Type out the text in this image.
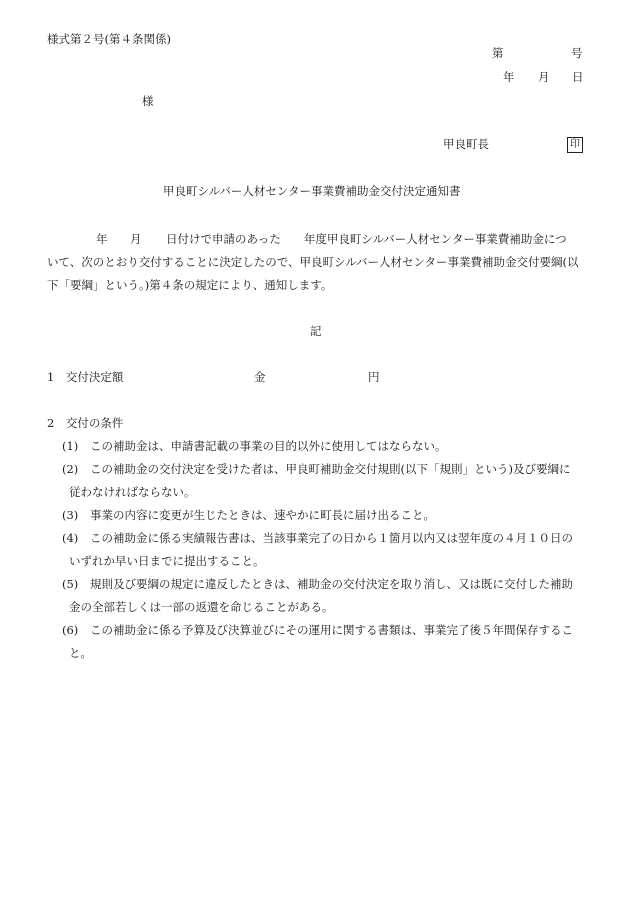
様式第２号(第４条関係)
第	号
年 月 日
様
甲良町長	印
甲良町シルバー人材センター事業費補助金交付決定通知書
年 月 日付けで申請のあった　　年度甲良町シルバー人材センター事業費補助金につ
いて、次のとおり交付することに決定したので、甲良町シルバー人材センター事業費補助金交付要綱(以
下「要綱」という。)第４条の規定により、通知します。
記
1　交付決定額	金	円
2　交付の条件
(1) この補助金は、申請書記載の事業の目的以外に使用してはならない。
(2) この補助金の交付決定を受けた者は、甲良町補助金交付規則(以下「規則」という)及び要綱に
従わなければならない。
(3) 事業の内容に変更が生じたときは、速やかに町長に届け出ること。
(4) この補助金に係る実績報告書は、当該事業完了の日から１箇月以内又は翌年度の４月１０日の
いずれか早い日までに提出すること。
(5) 規則及び要綱の規定に違反したときは、補助金の交付決定を取り消し、又は既に交付した補助
金の全部若しくは一部の返還を命じることがある。
(6) この補助金に係る予算及び決算並びにその運用に関する書類は、事業完了後５年間保存するこ
と。
